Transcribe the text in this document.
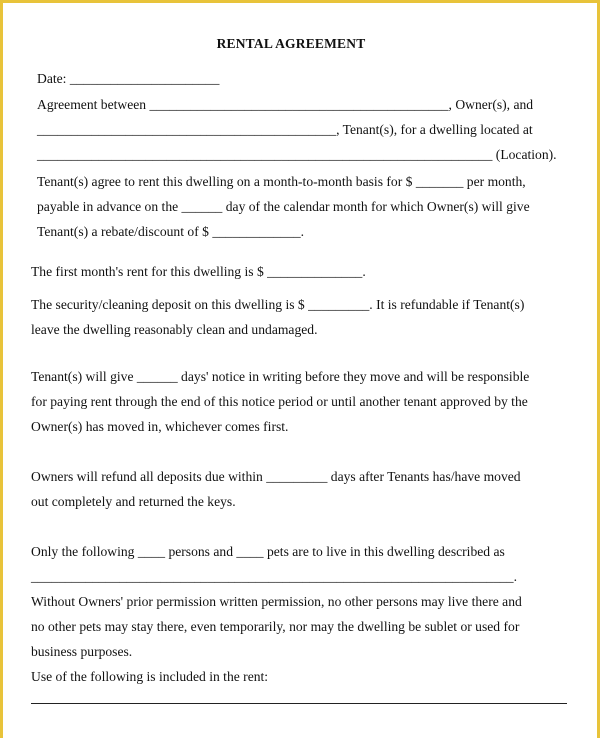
RENTAL AGREEMENT
Date: ______________________
Agreement between ____________________________________________, Owner(s), and
____________________________________________, Tenant(s), for a dwelling located at
___________________________________________________________________ (Location).
Tenant(s) agree to rent this dwelling on a month-to-month basis for $ _______ per month,
payable in advance on the ______ day of the calendar month for which Owner(s) will give
Tenant(s) a rebate/discount of $ _____________.
The first month's rent for this dwelling is $ ______________.
The security/cleaning deposit on this dwelling is $ _________. It is refundable if Tenant(s)
leave the dwelling reasonably clean and undamaged.
Tenant(s) will give ______ days' notice in writing before they move and will be responsible
for paying rent through the end of this notice period or until another tenant approved by the
Owner(s) has moved in, whichever comes first.
Owners will refund all deposits due within _________ days after Tenants has/have moved
out completely and returned the keys.
Only the following ____ persons and ____ pets are to live in this dwelling described as
_______________________________________________________________________.
Without Owners' prior permission written permission, no other persons may live there and
no other pets may stay there, even temporarily, nor may the dwelling be sublet or used for
business purposes.
Use of the following is included in the rent:
